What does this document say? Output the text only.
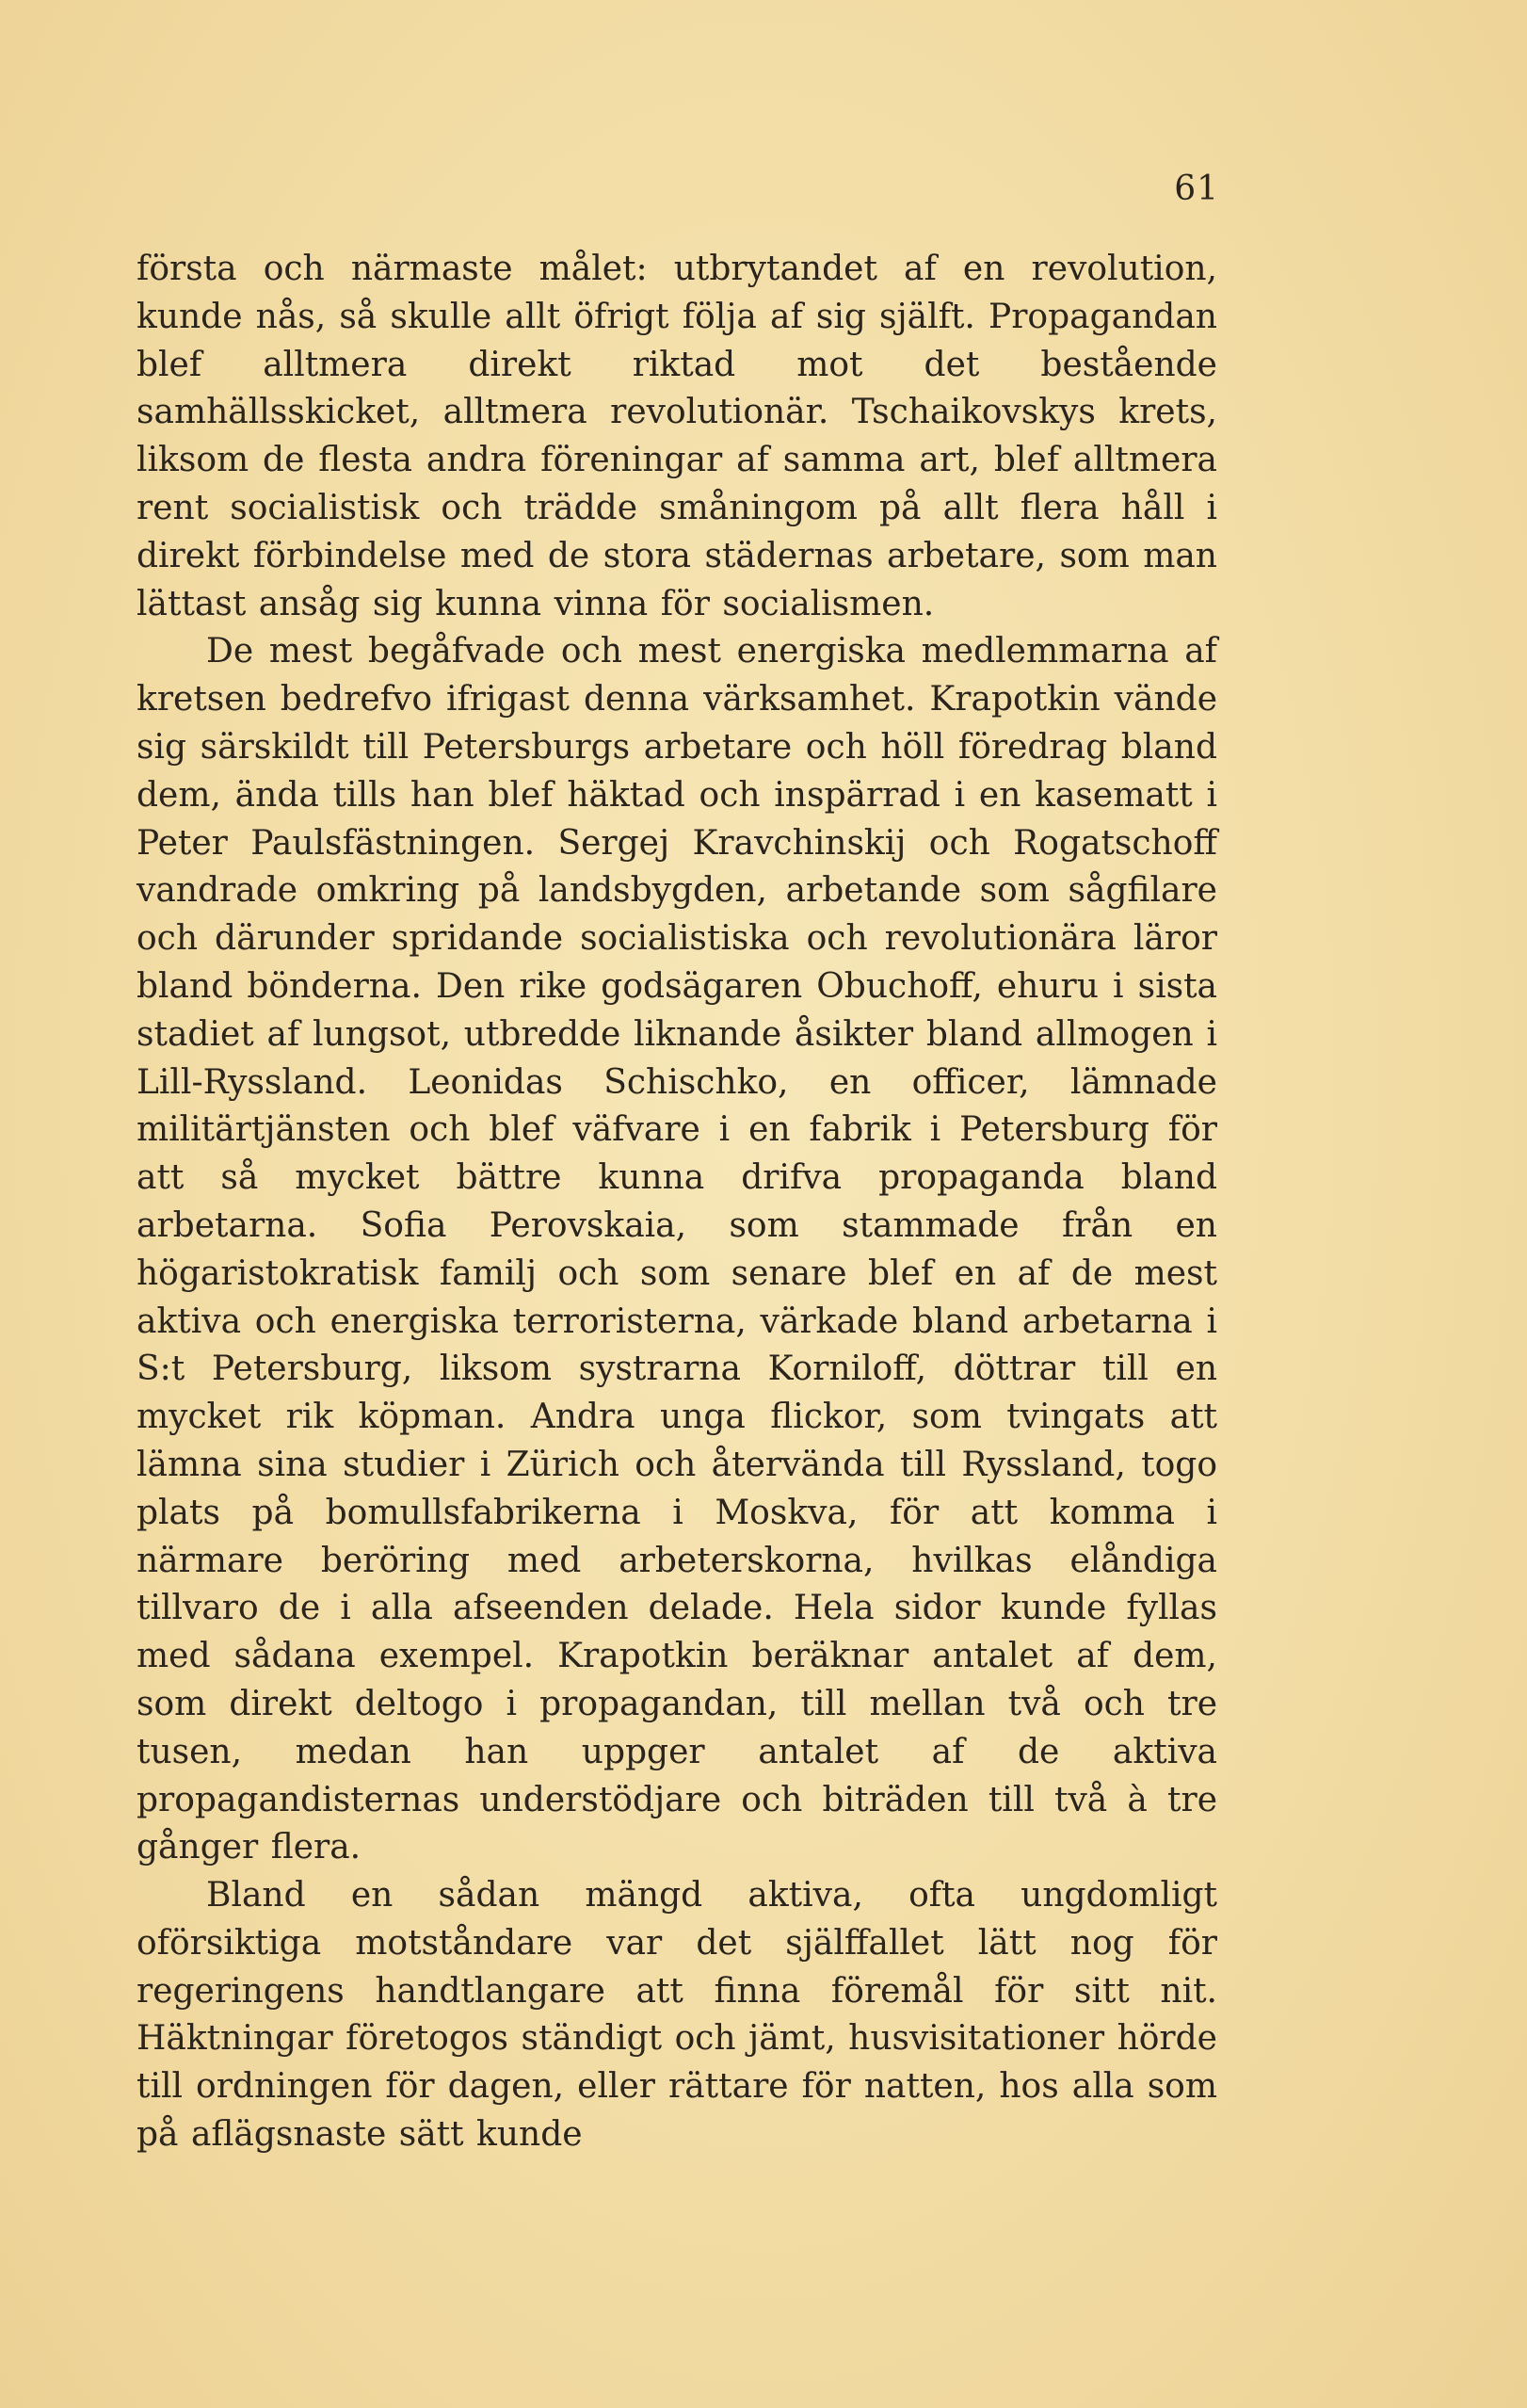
61

första och närmaste målet: utbrytandet af en revolution, kunde nås, så skulle allt öfrigt följa af sig själft. Propagandan blef alltmera direkt riktad mot det bestående samhällsskicket, alltmera revolutionär. Tschaikovskys krets, liksom de flesta andra föreningar af samma art, blef alltmera rent socialistisk och trädde småningom på allt flera håll i direkt förbindelse med de stora städernas arbetare, som man lättast ansåg sig kunna vinna för socialismen.

De mest begåfvade och mest energiska medlemmarna af kretsen bedrefvo ifrigast denna värksamhet. Krapotkin vände sig särskildt till Petersburgs arbetare och höll föredrag bland dem, ända tills han blef häktad och inspärrad i en kasematt i Peter Paulsfästningen. Sergej Kravchinskij och Rogatschoff vandrade omkring på landsbygden, arbetande som sågfilare och därunder spridande socialistiska och revolutionära läror bland bönderna. Den rike godsägaren Obuchoff, ehuru i sista stadiet af lungsot, utbredde liknande åsikter bland allmogen i Lill-Ryssland. Leonidas Schischko, en officer, lämnade militärtjänsten och blef väfvare i en fabrik i Petersburg för att så mycket bättre kunna drifva propaganda bland arbetarna. Sofia Perovskaia, som stammade från en högaristokratisk familj och som senare blef en af de mest aktiva och energiska terroristerna, värkade bland arbetarna i S:t Petersburg, liksom systrarna Korniloff, döttrar till en mycket rik köpman. Andra unga flickor, som tvingats att lämna sina studier i Zürich och återvända till Ryssland, togo plats på bomullsfabrikerna i Moskva, för att komma i närmare beröring med arbeterskorna, hvilkas elåndiga tillvaro de i alla afseenden delade. Hela sidor kunde fyllas med sådana exempel. Krapotkin beräknar antalet af dem, som direkt deltogo i propagandan, till mellan två och tre tusen, medan han uppger antalet af de aktiva propagandisternas understödjare och biträden till två à tre gånger flera.

Bland en sådan mängd aktiva, ofta ungdomligt oförsiktiga motståndare var det själffallet lätt nog för regeringens handtlangare att finna föremål för sitt nit. Häktningar företogos ständigt och jämt, husvisitationer hörde till ordningen för dagen, eller rättare för natten, hos alla som på aflägsnaste sätt kunde
